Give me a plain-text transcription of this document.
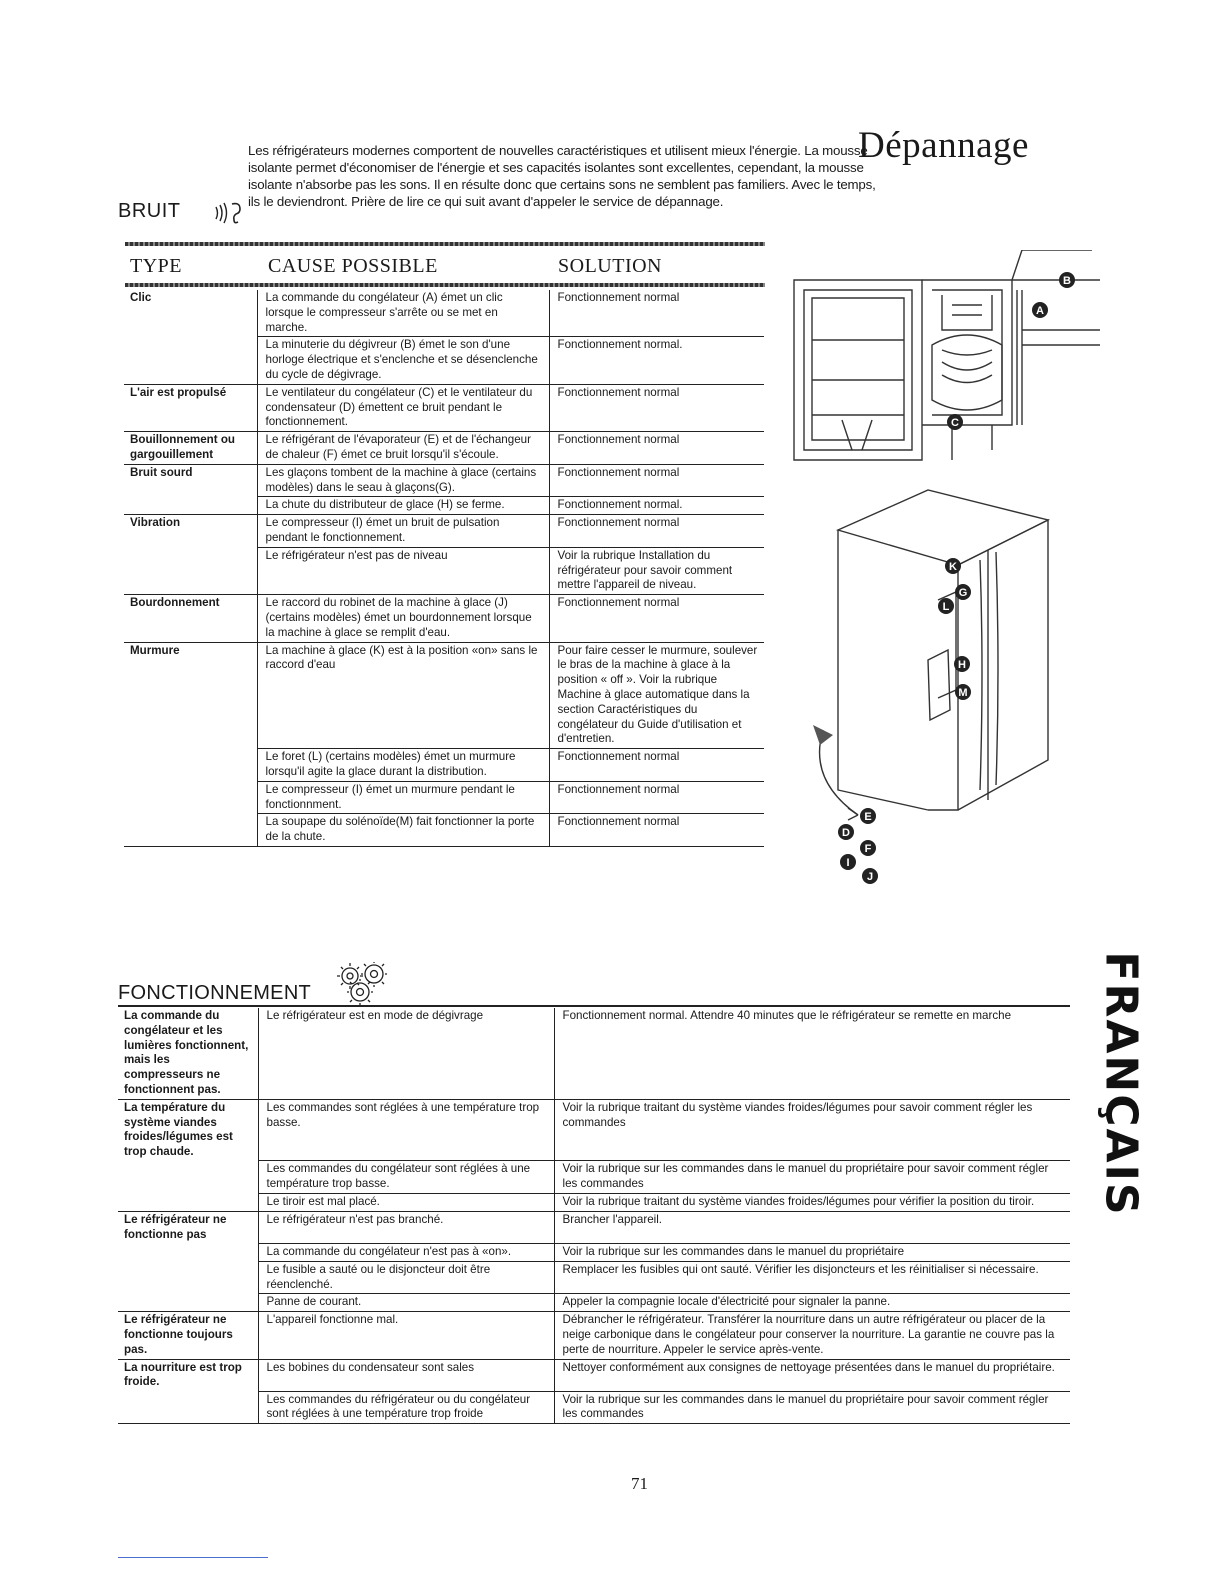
Les réfrigérateurs modernes comportent de nouvelles caractéristiques et utilisent mieux l'énergie. La mousse isolante permet d'économiser de l'énergie et ses capacités isolantes sont excellentes, cependant, la mousse isolante n'absorbe pas les sons. Il en résulte donc que certains sons ne semblent pas familiers. Avec le temps, ils le deviendront. Prière de lire ce qui suit avant d'appeler le service de dépannage.
Dépannage
BRUIT
TYPE	CAUSE POSSIBLE	SOLUTION
Clic	La commande du congélateur (A) émet un clic lorsque le compresseur s'arrête ou se met en marche.	Fonctionnement normal
	La minuterie du dégivreur (B) émet le son d'une horloge électrique et s'enclenche et se désenclenche du cycle de dégivrage.	Fonctionnement normal.
L'air est propulsé	Le ventilateur du congélateur (C) et le ventilateur du condensateur (D) émettent ce bruit pendant le fonctionnement.	Fonctionnement normal
Bouillonnement ou gargouillement	Le réfrigérant de l'évaporateur (E) et de l'échangeur de chaleur (F) émet ce bruit lorsqu'il s'écoule.	Fonctionnement normal
Bruit sourd	Les glaçons tombent de la machine à glace (certains modèles) dans le seau à glaçons(G).	Fonctionnement normal
	La chute du distributeur de glace (H) se ferme.	Fonctionnement normal.
Vibration	Le compresseur (I) émet un bruit de pulsation pendant le fonctionnement.	Fonctionnement normal
	Le réfrigérateur n'est pas de niveau	Voir la rubrique Installation du réfrigérateur pour savoir comment mettre l'appareil de niveau.
Bourdonnement	Le raccord du robinet de la machine à glace (J) (certains modèles) émet un bourdonnement lorsque la machine à glace se remplit d'eau.	Fonctionnement normal
Murmure	La machine à glace (K) est à la position «on» sans le raccord d'eau	Pour faire cesser le murmure, soulever le bras de la machine à glace à la position « off ». Voir la rubrique Machine à glace automatique dans la section Caractéristiques du congélateur du Guide d'utilisation et d'entretien.
	Le foret (L) (certains modèles) émet un murmure lorsqu'il agite la glace durant la distribution.	Fonctionnement normal
	Le compresseur (I) émet un murmure pendant le fonctionnment.	Fonctionnement normal
	La soupape du solénoïde(M) fait fonctionner la porte de la chute.	Fonctionnement normal
FONCTIONNEMENT
La commande du congélateur et les lumières fonctionnent, mais les compresseurs ne fonctionnent pas.	Le réfrigérateur est en mode de dégivrage	Fonctionnement normal. Attendre 40 minutes que le réfrigérateur se remette en marche
La température du système viandes froides/légumes est trop chaude.	Les commandes sont réglées à une température trop basse.	Voir la rubrique traitant du système viandes froides/légumes pour savoir comment régler les commandes
	Les commandes du congélateur sont réglées à une température trop basse.	Voir la rubrique sur les commandes dans le manuel du propriétaire pour savoir comment régler les commandes
	Le tiroir est mal placé.	Voir la rubrique traitant du système viandes froides/légumes pour vérifier la position du tiroir.
Le réfrigérateur ne fonctionne pas	Le réfrigérateur n'est pas branché.	Brancher l'appareil.
	La commande du congélateur n'est pas à «on».	Voir la rubrique sur les commandes dans le manuel du propriétaire
	Le fusible a sauté ou le disjoncteur doit être réenclenché.	Remplacer les fusibles qui ont sauté. Vérifier les disjoncteurs et les réinitialiser si nécessaire.
	Panne de courant.	Appeler la compagnie locale d'électricité pour signaler la panne.
Le réfrigérateur ne fonctionne toujours pas.	L'appareil fonctionne mal.	Débrancher le réfrigérateur. Transférer la nourriture dans un autre réfrigérateur ou placer de la neige carbonique dans le congélateur pour conserver la nourriture. La garantie ne couvre pas la perte de nourriture. Appeler le service après-vente.
La nourriture est trop froide.	Les bobines du condensateur sont sales	Nettoyer conformément aux consignes de nettoyage présentées dans le manuel du propriétaire.
	Les commandes du réfrigérateur ou du congélateur sont réglées à une température trop froide	Voir la rubrique sur les commandes dans le manuel du propriétaire pour savoir comment régler les commandes
B
A
C
K
G
L
H
M
E
D
F
I
J
FRANÇAIS
71
